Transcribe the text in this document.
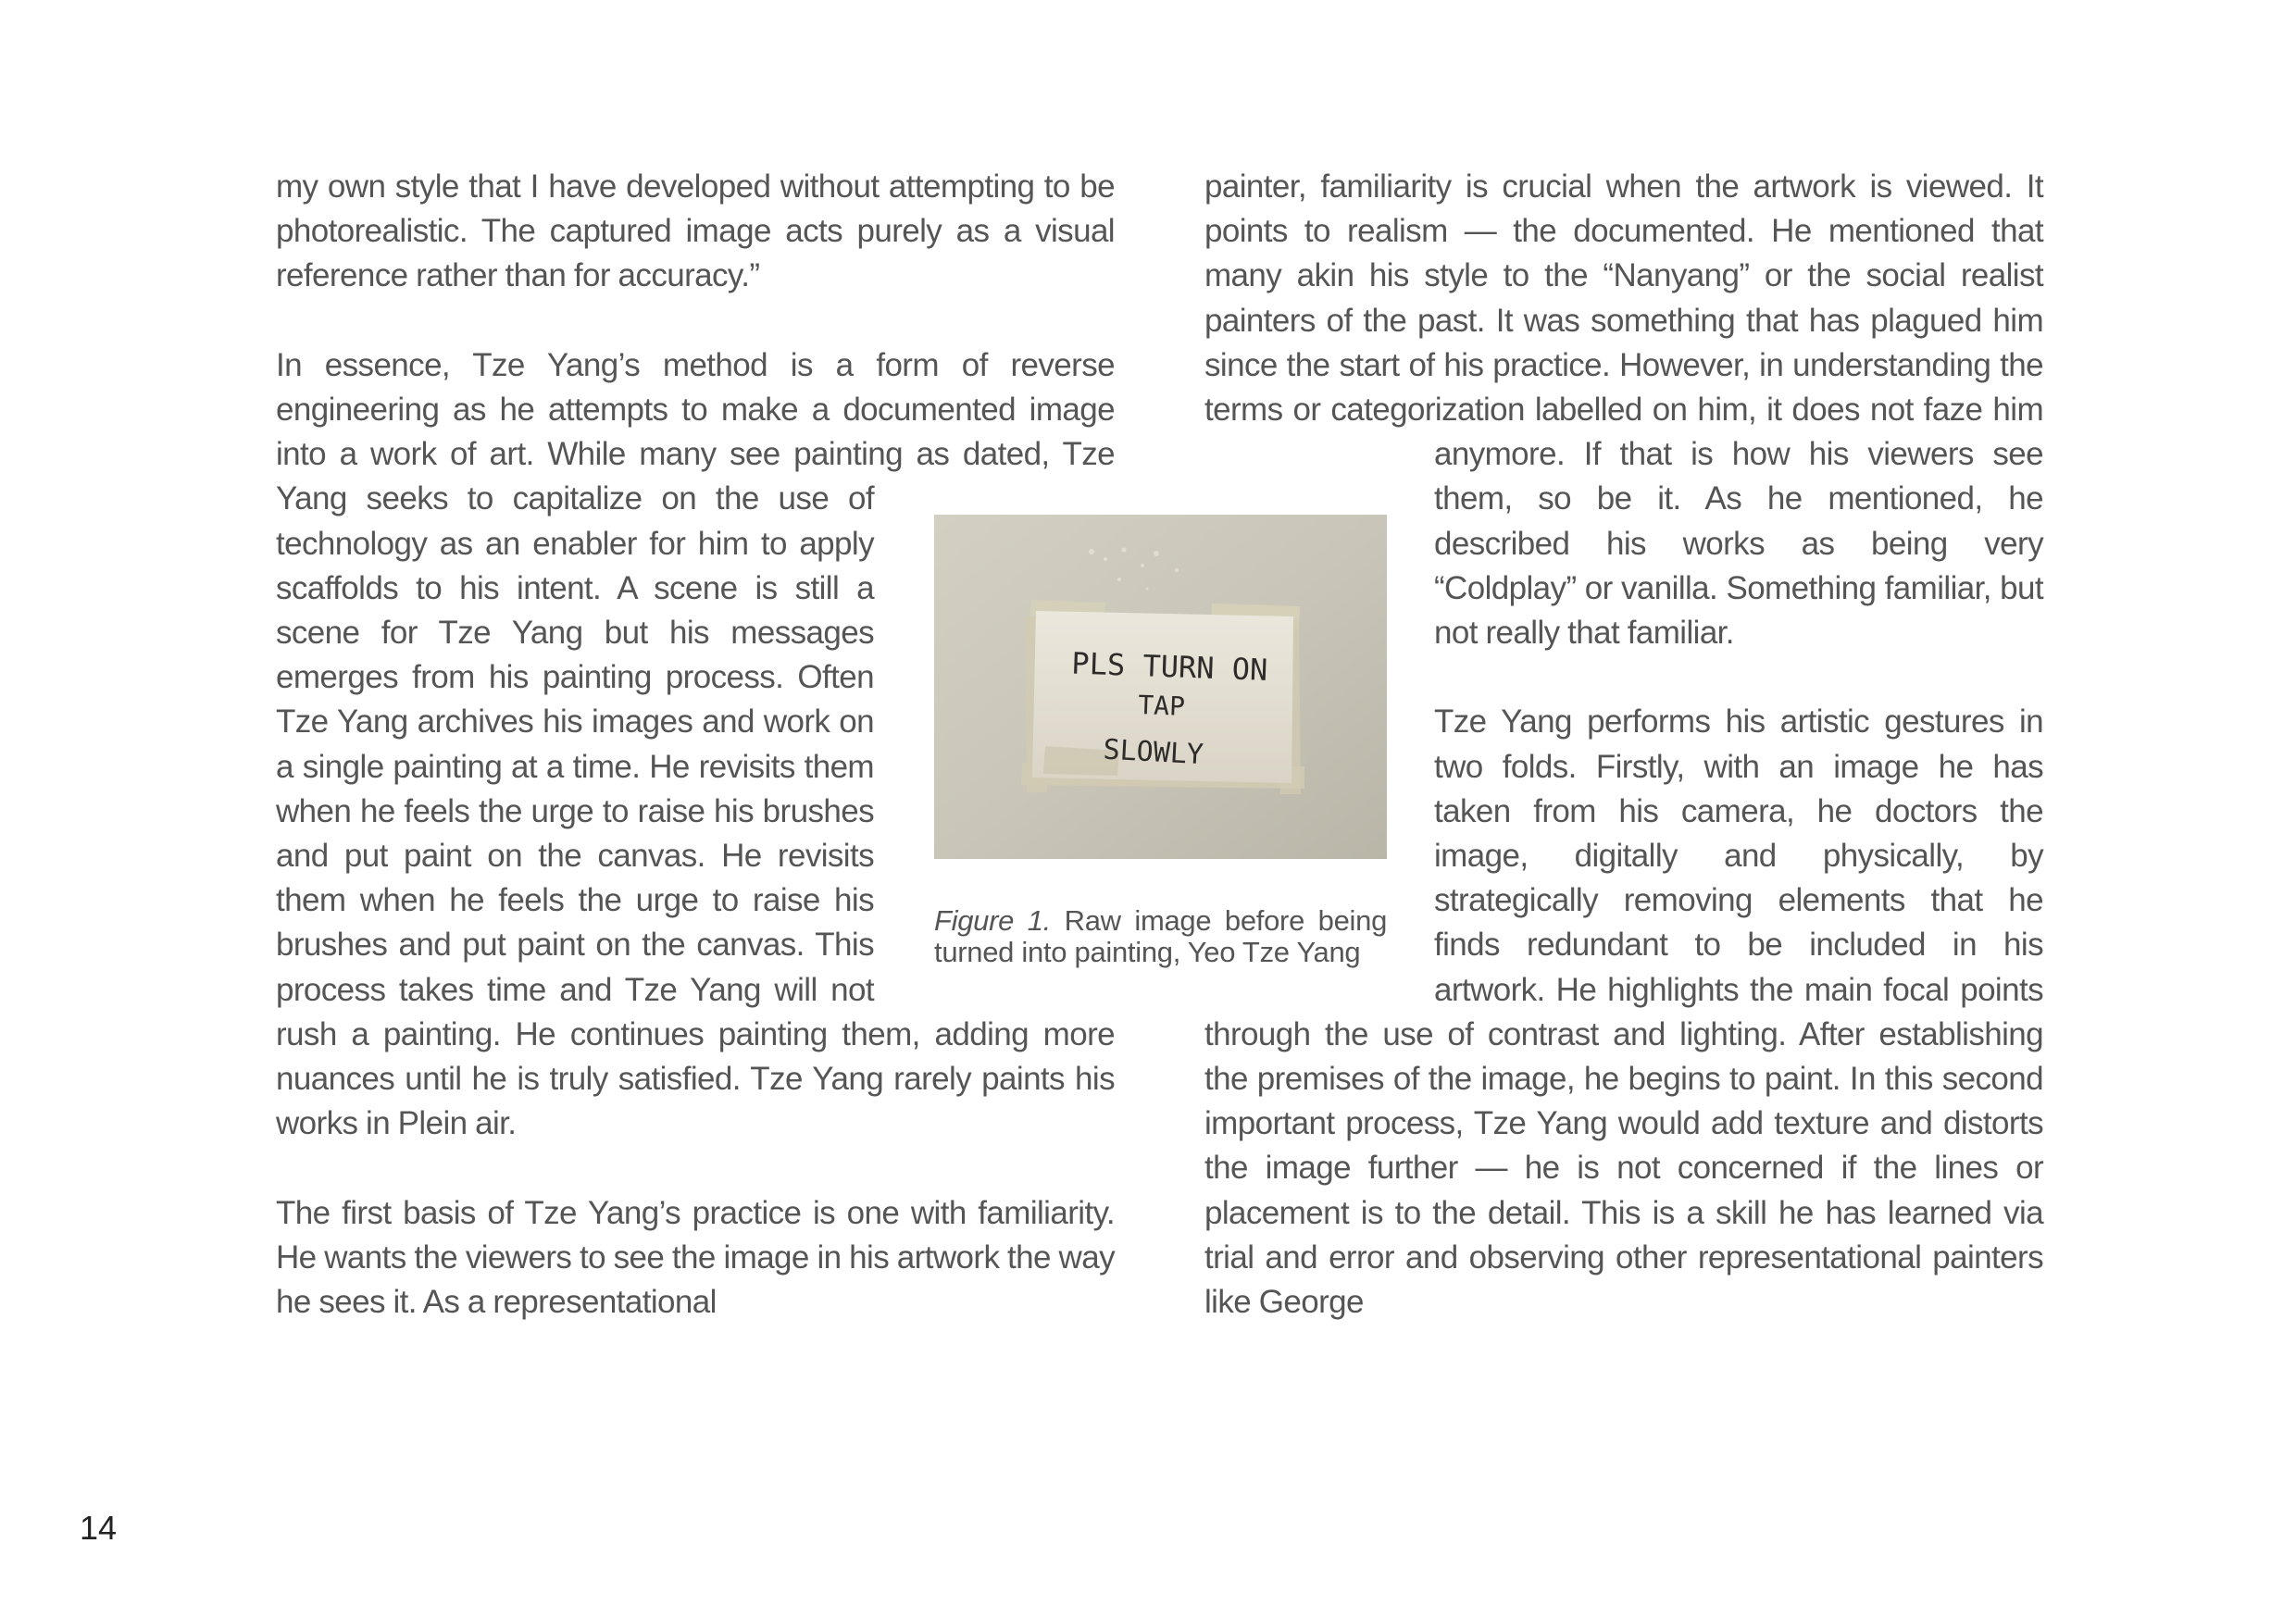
my own style that I have developed without attempting to be photorealistic. The captured image acts purely as a visual reference rather than for accuracy.”

In essence, Tze Yang’s method is a form of reverse engineering as he attempts to make a documented image into a work of art. While many see painting as dated, Tze Yang seeks to capitalize on the use of technology as an enabler for him to apply scaffolds to his intent. A scene is still a scene for Tze Yang but his messages emerges from his painting process. Often Tze Yang archives his images and work on a single painting at a time. He revisits them when he feels the urge to raise his brushes and put paint on the canvas. He revisits them when he feels the urge to raise his brushes and put paint on the canvas. This process takes time and Tze Yang will not rush a painting. He continues painting them, adding more nuances until he is truly satisfied. Tze Yang rarely paints his works in Plein air.

The first basis of Tze Yang’s practice is one with familiarity. He wants the viewers to see the image in his artwork the way he sees it. As a representational

painter, familiarity is crucial when the artwork is viewed. It points to realism — the documented. He mentioned that many akin his style to the “Nanyang” or the social realist painters of the past. It was something that has plagued him since the start of his practice. However, in understanding the terms or categorization labelled on him, it does not faze him anymore. If that is how his viewers see them, so be it. As he mentioned, he described his works as being very “Coldplay” or vanilla. Something familiar, but not really that familiar.

Tze Yang performs his artistic gestures in two folds. Firstly, with an image he has taken from his camera, he doctors the image, digitally and physically, by strategically removing elements that he finds redundant to be included in his artwork. He highlights the main focal points through the use of contrast and lighting. After establishing the premises of the image, he begins to paint. In this second important process, Tze Yang would add texture and distorts the image further — he is not concerned if the lines or placement is to the detail. This is a skill he has learned via trial and error and observing other representational painters like George

PLS TURN ON
TAP
SLOWLY
Figure 1. Raw image before being turned into painting, Yeo Tze Yang
14
